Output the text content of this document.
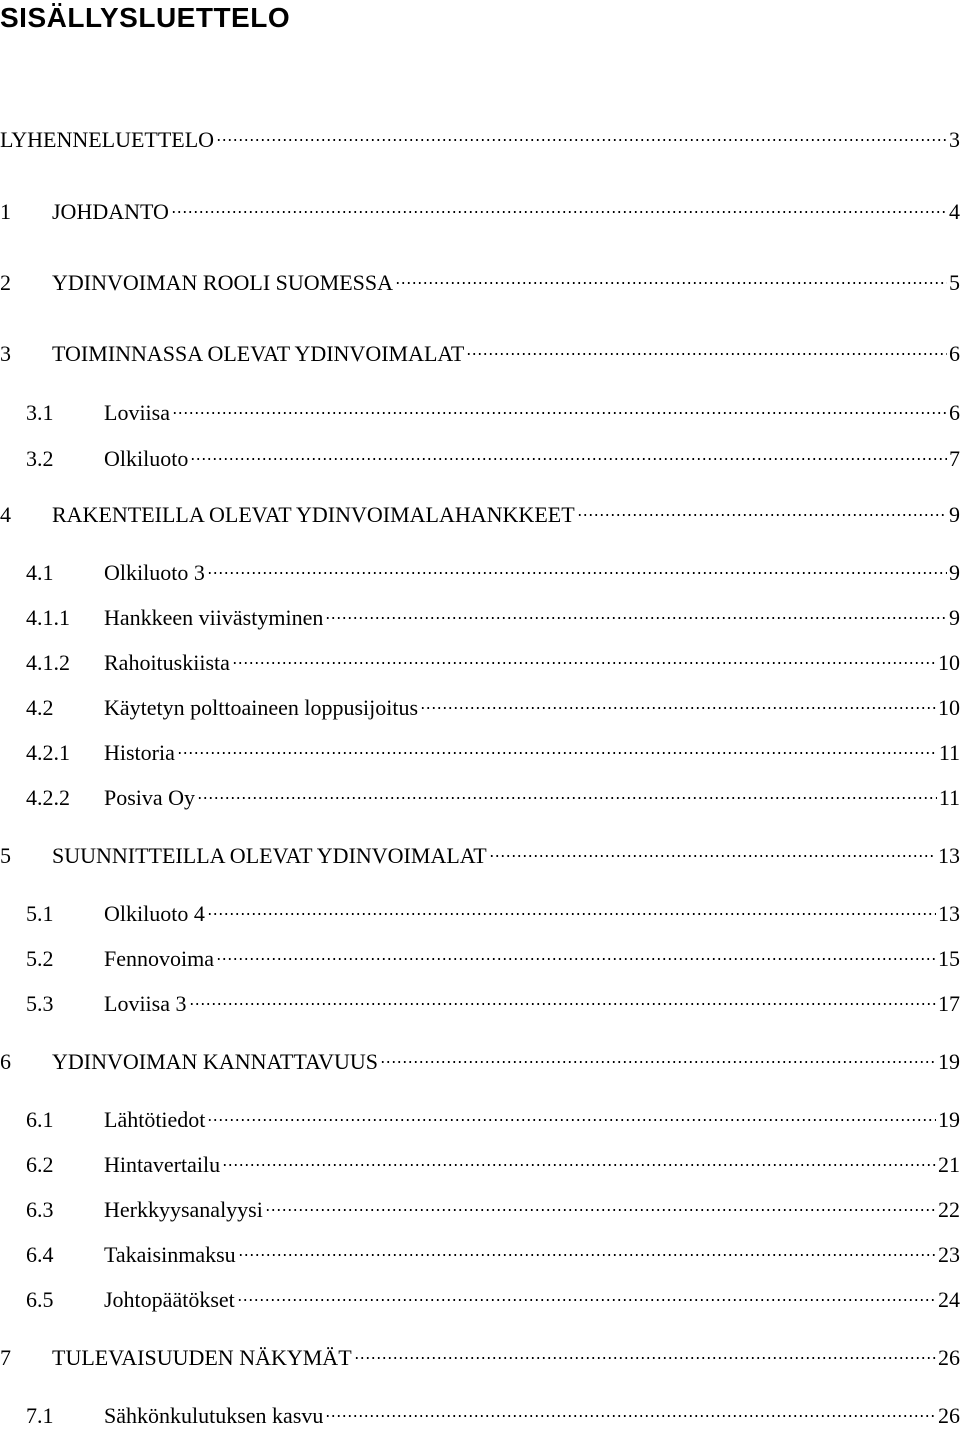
SISÄLLYSLUETTELO
LYHENNELUETTELO	3
1	JOHDANTO	4
2	YDINVOIMAN ROOLI SUOMESSA	5
3	TOIMINNASSA OLEVAT YDINVOIMALAT	6
3.1	Loviisa	6
3.2	Olkiluoto	7
4	RAKENTEILLA OLEVAT YDINVOIMALAHANKKEET	9
4.1	Olkiluoto 3	9
4.1.1	Hankkeen viivästyminen	9
4.1.2	Rahoituskiista	10
4.2	Käytetyn polttoaineen loppusijoitus	10
4.2.1	Historia	11
4.2.2	Posiva Oy	11
5	SUUNNITTEILLA OLEVAT YDINVOIMALAT	13
5.1	Olkiluoto 4	13
5.2	Fennovoima	15
5.3	Loviisa 3	17
6	YDINVOIMAN KANNATTAVUUS	19
6.1	Lähtötiedot	19
6.2	Hintavertailu	21
6.3	Herkkyysanalyysi	22
6.4	Takaisinmaksu	23
6.5	Johtopäätökset	24
7	TULEVAISUUDEN NÄKYMÄT	26
7.1	Sähkönkulutuksen kasvu	26
